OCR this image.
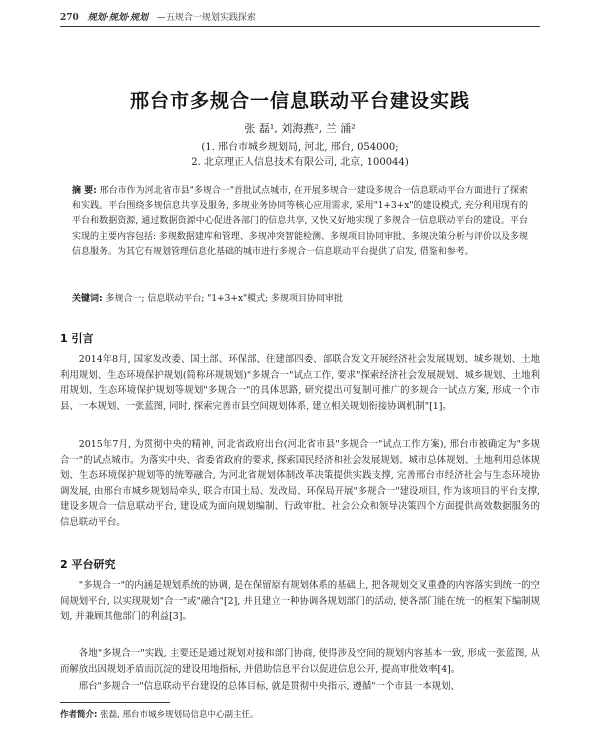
270 规划·规划·规划 —五规合一规划实践探索
邢台市多规合一信息联动平台建设实践
张 磊¹, 刘海燕², 兰 涌²
(1. 邢台市城乡规划局, 河北, 邢台, 054000;
2. 北京理正人信息技术有限公司, 北京, 100044)
摘 要: 邢台市作为河北省市县"多规合一"首批试点城市, 在开展多规合一建设多规合一信息联动平台方面进行了探索和实践。平台围绕多规信息共享及服务, 多规业务协同等核心应用需求, 采用"1+3+x"的建设模式, 充分利用现有的平台和数据资源, 通过数据资源中心促进各部门的信息共享, 又快又好地实现了多规合一信息联动平台的建设。平台实现的主要内容包括: 多规数据建库和管理、多规冲突智能检测、多规项目协同审批、多规决策分析与评价以及多规信息服务。为其它有规划管理信息化基础的城市进行多规合一信息联动平台提供了启发, 借鉴和参考。
关键词: 多规合一; 信息联动平台; "1+3+x"模式; 多规项目协同审批
1 引言
2014年8月, 国家发改委、国土部、环保部、住建部四委、部联合发文开展经济社会发展规划、城乡规划、土地利用规划、生态环境保护规划(简称环规规划)"多规合一"试点工作, 要求"探索经济社会发展规划、城乡规划、土地利用规划、生态环境保护规划等规划"多规合一"的具体思路, 研究提出可复制可推广的多规合一试点方案, 形成一个市县、一本规划、一张蓝图, 同时, 探索完善市县空间规划体系, 建立相关规划衔接协调机制"[1]。
2015年7月, 为贯彻中央的精神, 河北省政府出台(河北省市县"多规合一"试点工作方案), 邢台市被确定为"多规合一"的试点城市。为落实中央、省委省政府的要求, 探索国民经济和社会发展规划、城市总体规划、土地利用总体规划、生态环境保护规划等的统筹融合, 为河北省规划体制改革决策提供实践支撑, 完善邢台市经济社会与生态环境协调发展, 由邢台市城乡规划局牵头, 联合市国土局、发改局、环保局开展"多规合一"建设项目, 作为该项目的平台支撑, 建设多规合一信息联动平台, 建设成为面向规划编制、行政审批、社会公众和领导决策四个方面提供高效数据服务的信息联动平台。
2 平台研究
"多规合一"的内涵是规划系统的协调, 是在保留原有规划体系的基础上, 把各规划交叉重叠的内容落实到统一的空间规划平台, 以实现规划"合一"或"融合"[2], 并且建立一种协调各规划部门的活动, 使各部门能在统一的框架下编制规划, 并兼顾其他部门的利益[3]。
各地"多规合一"实践, 主要还是通过规划对接和部门协商, 使得涉及空间的规划内容基本一致, 形成一张蓝图, 从而解放出因规划矛盾而沉淀的建设用地指标, 并借助信息平台以促进信息公开, 提高审批效率[4]。
邢台"多规合一"信息联动平台建设的总体目标, 就是贯彻中央指示, 遵循"一个市县一本规划、
作者简介: 张磊, 邢台市城乡规划局信息中心副主任。
